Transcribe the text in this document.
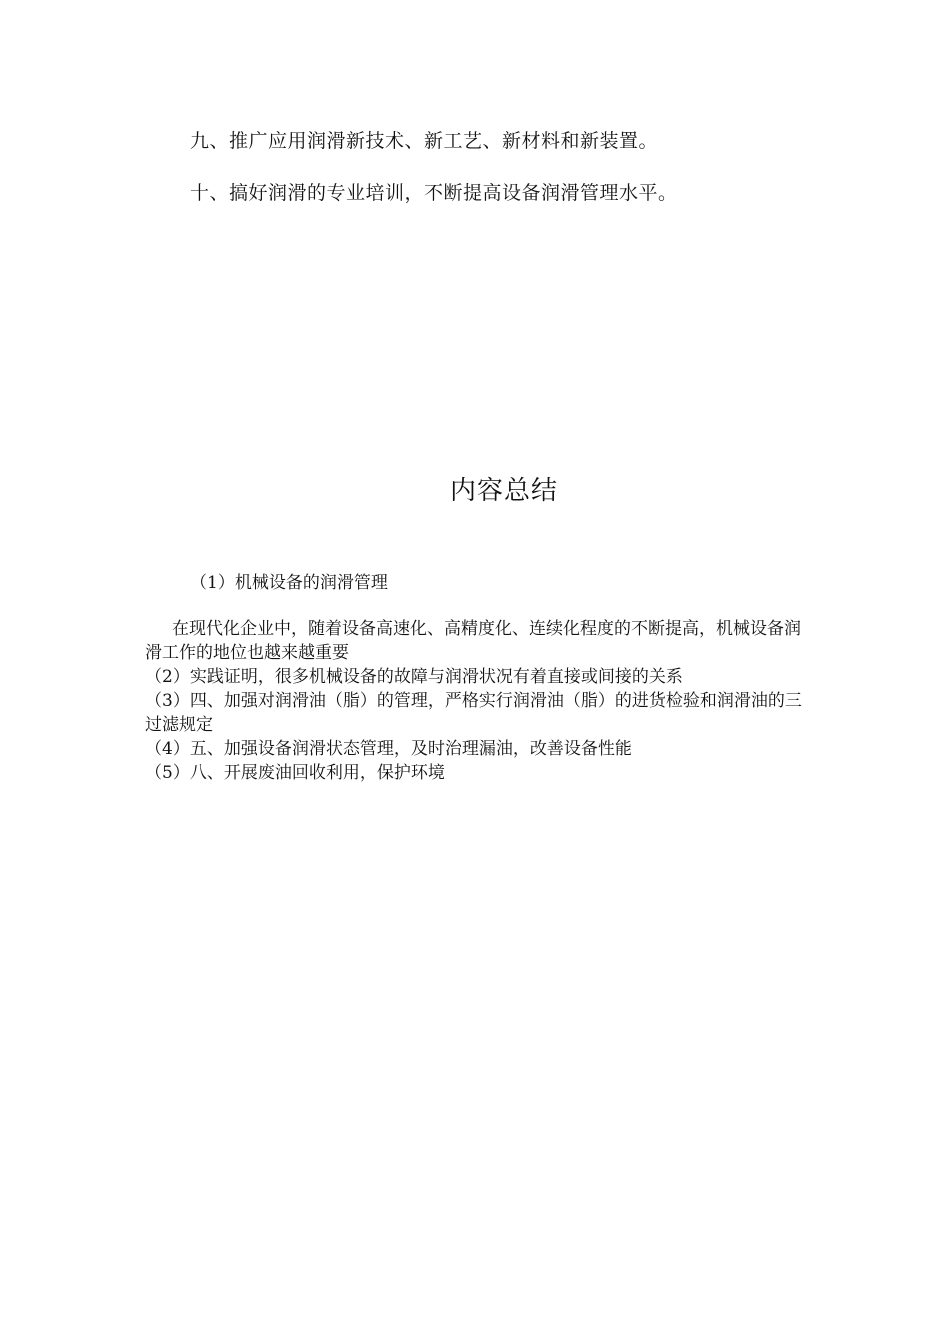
九、推广应用润滑新技术、新工艺、新材料和新装置。
十、搞好润滑的专业培训，不断提高设备润滑管理水平。
内容总结
（1）机械设备的润滑管理

在现代化企业中，随着设备高速化、高精度化、连续化程度的不断提高，机械设备润滑工作的地位也越来越重要

（2）实践证明，很多机械设备的故障与润滑状况有着直接或间接的关系

（3）四、加强对润滑油（脂）的管理，严格实行润滑油（脂）的进货检验和润滑油的三过滤规定

（4）五、加强设备润滑状态管理，及时治理漏油，改善设备性能

（5）八、开展废油回收利用，保护环境
